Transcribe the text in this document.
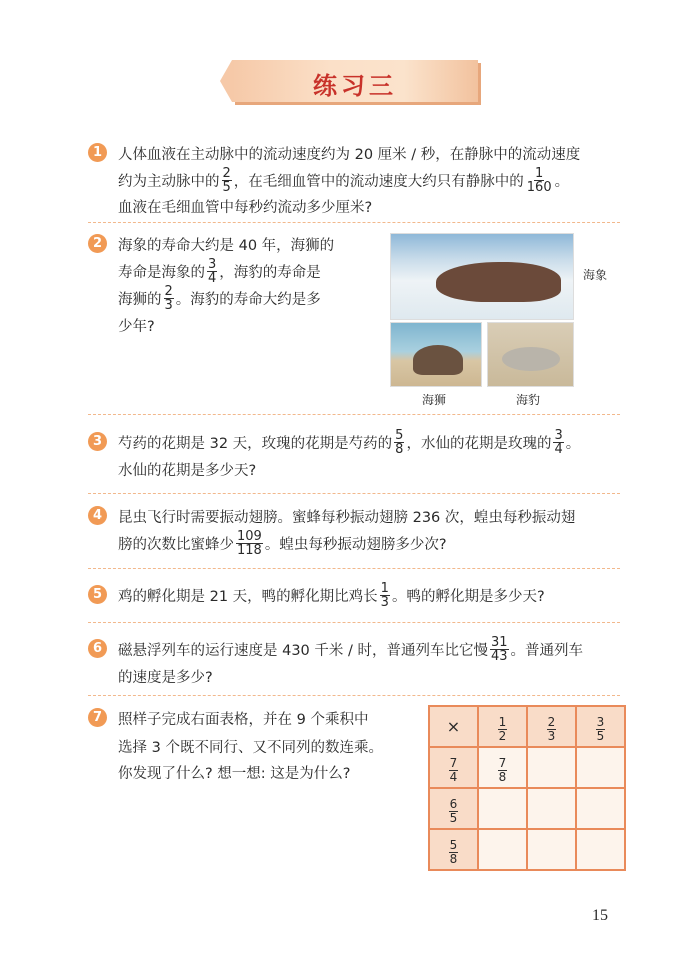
练习三
1	人体血液在主动脉中的流动速度约为 20 厘米 / 秒，在静脉中的流动速度
约为主动脉中的 $\frac{2}{5}$ ，在毛细血管中的流动速度大约只有静脉中的 $\frac{1}{160}$ 。
血液在毛细血管中每秒约流动多少厘米?
2	海象的寿命大约是 40 年，海狮的
寿命是海象的 $\frac{3}{4}$ ，海豹的寿命是
海狮的 $\frac{2}{3}$ 。海豹的寿命大约是多
少年?
3	芍药的花期是 32 天，玫瑰的花期是芍药的 $\frac{5}{8}$ ，水仙的花期是玫瑰的 $\frac{3}{4}$ 。
水仙的花期是多少天?
4	昆虫飞行时需要振动翅膀。蜜蜂每秒振动翅膀 236 次，蝗虫每秒振动翅
膀的次数比蜜蜂少 $\frac{109}{118}$ 。蝗虫每秒振动翅膀多少次?
5	鸡的孵化期是 21 天，鸭的孵化期比鸡长 $\frac{1}{3}$ 。鸭的孵化期是多少天?
6	磁悬浮列车的运行速度是 430 千米 / 时，普通列车比它慢 $\frac{31}{43}$ 。普通列车
的速度是多少?
7	照样子完成右面表格，并在 9 个乘积中
选择 3 个既不同行、又不同列的数连乘。
你发现了什么? 想一想: 这是为什么?
海象
海狮	海豹
×	$\frac{1}{2}$	$\frac{2}{3}$	$\frac{3}{5}$

$\frac{7}{4}$	$\frac{7}{8}$

$\frac{6}{5}$

$\frac{5}{8}$

15
